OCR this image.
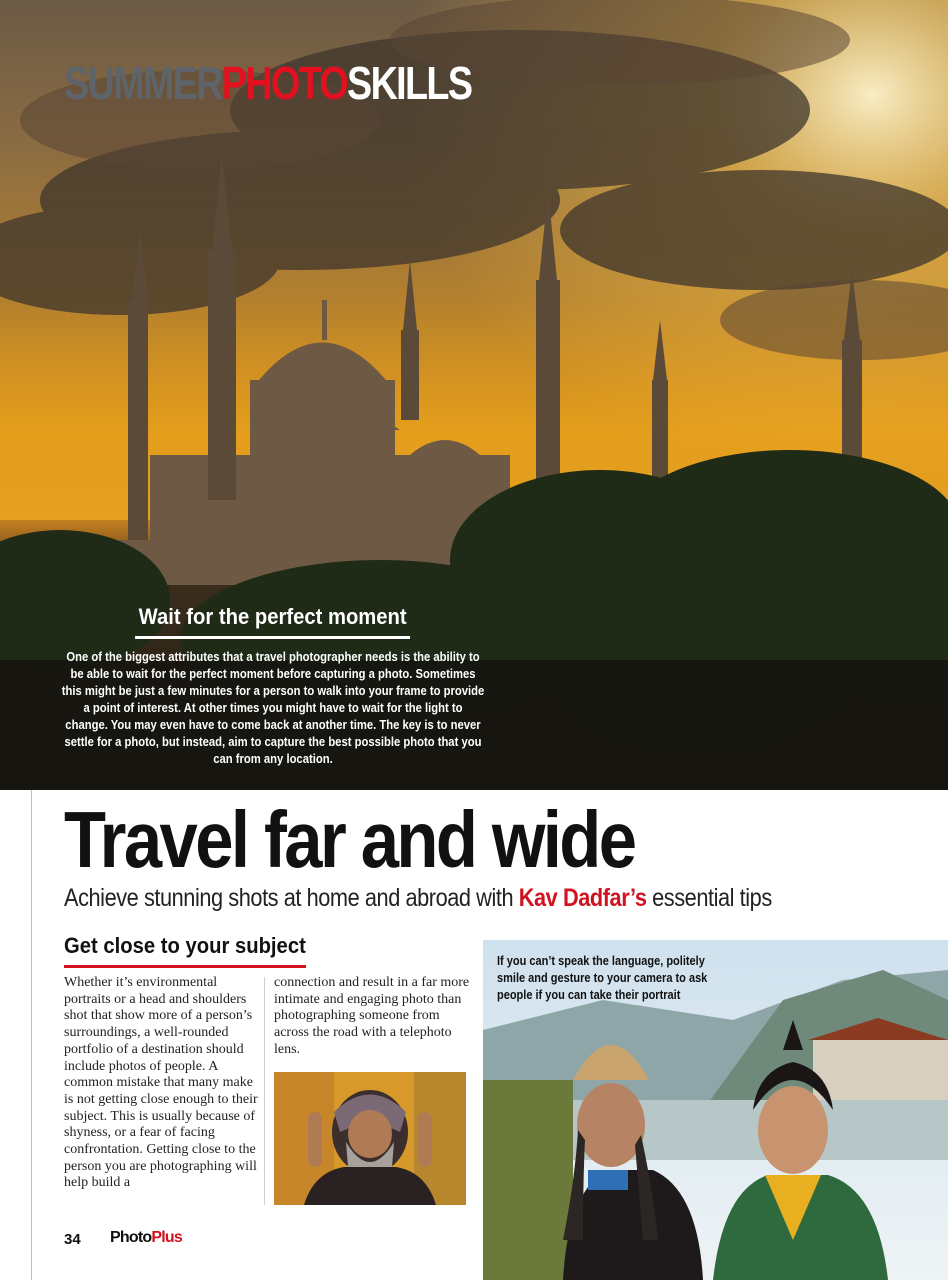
SUMMERPHOTOSKILLS
Wait for the perfect moment
One of the biggest attributes that a travel photographer needs is the ability to be able to wait for the perfect moment before capturing a photo. Sometimes this might be just a few minutes for a person to walk into your frame to provide a point of interest. At other times you might have to wait for the light to change. You may even have to come back at another time. The key is to never settle for a photo, but instead, aim to capture the best possible photo that you can from any location.
Travel far and wide
Achieve stunning shots at home and abroad with Kav Dadfar’s essential tips
Get close to your subject
Whether it’s environmental portraits or a head and shoulders shot that show more of a person’s surroundings, a well-rounded portfolio of a destination should include photos of people. A common mistake that many make is not getting close enough to their subject. This is usually because of shyness, or a fear of facing confrontation. Getting close to the person you are photographing will help build a
connection and result in a far more intimate and engaging photo than photographing someone from across the road with a telephoto lens.
If you can’t speak the language, politely smile and gesture to your camera to ask people if you can take their portrait
34 PhotoPlus
